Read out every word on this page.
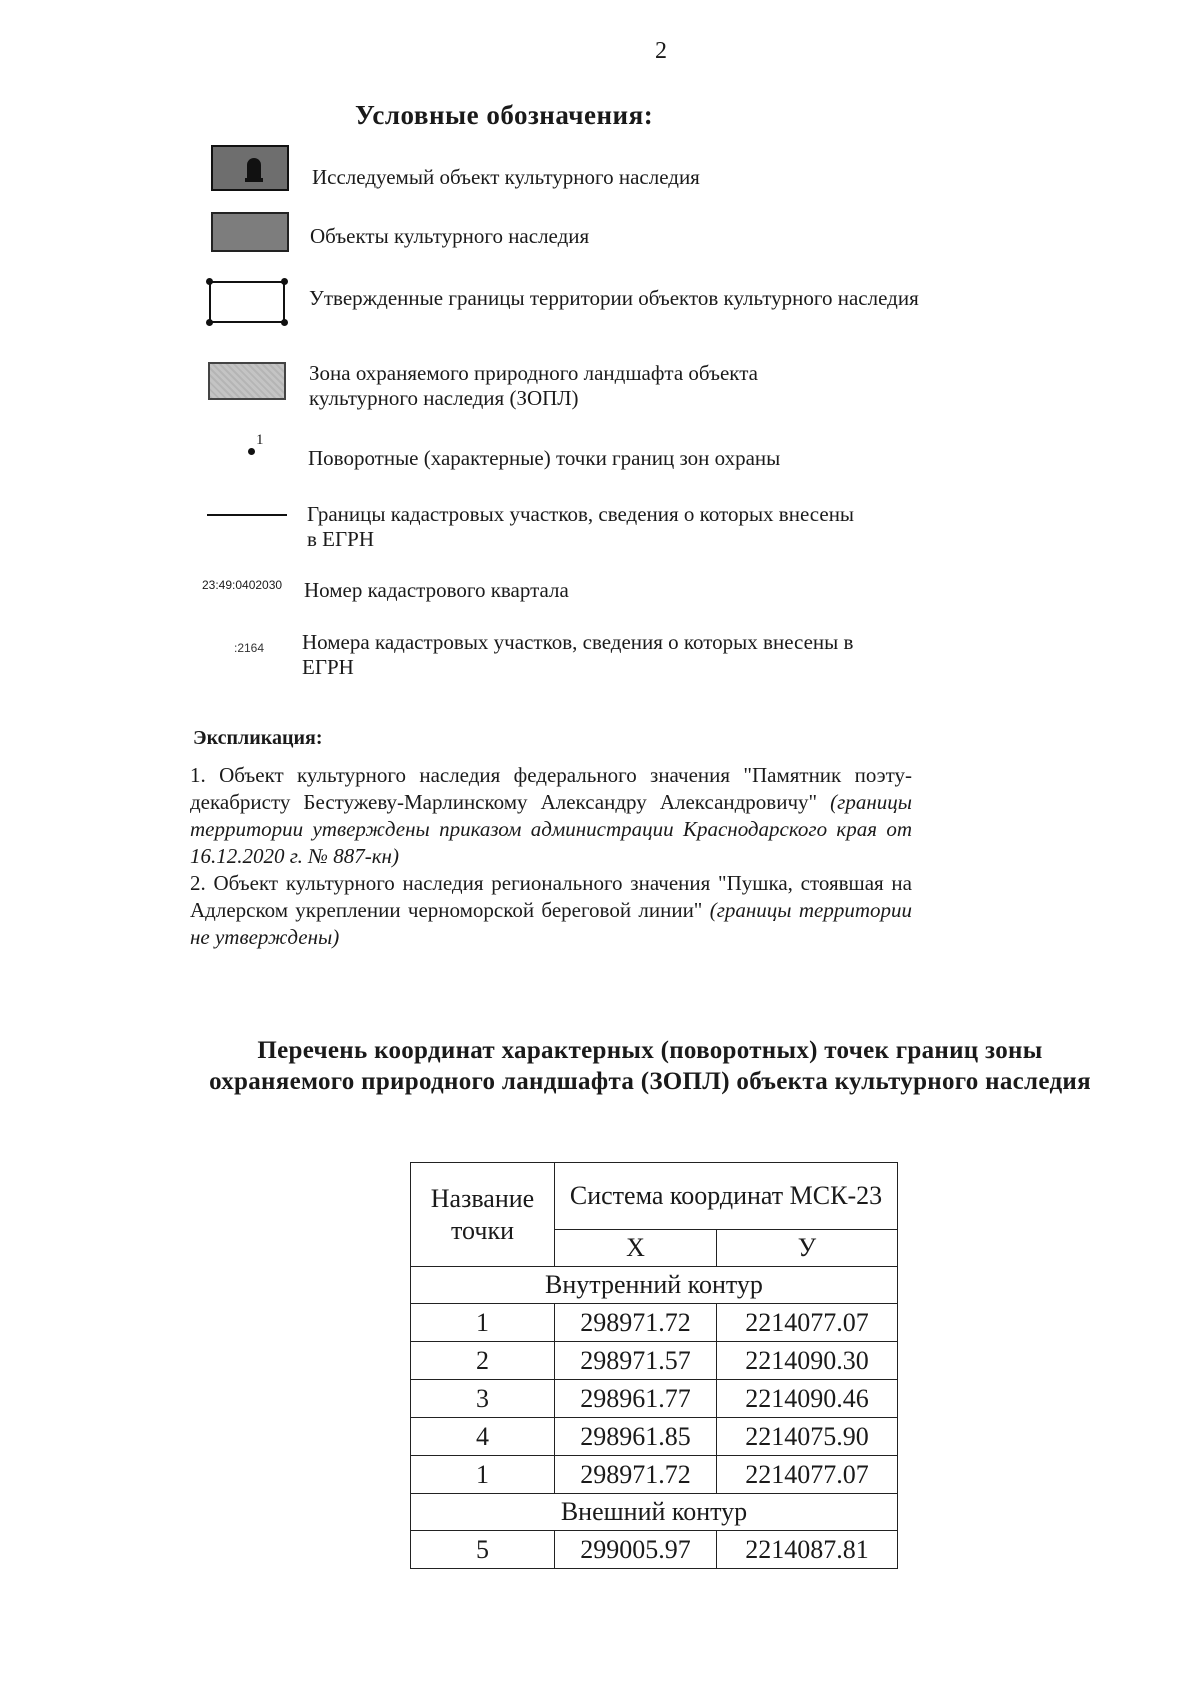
2
Условные обозначения:
1
23:49:0402030
:2164
Исследуемый объект культурного наследия
Объекты культурного наследия
Утвержденные границы территории объектов культурного наследия
Зона охраняемого природного ландшафта объекта культурного наследия (ЗОПЛ)
Поворотные (характерные) точки границ зон охраны
Границы кадастровых участков, сведения о которых внесены в ЕГРН
Номер кадастрового квартала
Номера кадастровых участков, сведения о которых внесены в ЕГРН
Экспликация:
1. Объект культурного наследия федерального значения "Памятник поэту-декабристу Бестужеву-Марлинскому Александру Александровичу" (границы территории утверждены приказом администрации Краснодарского края от 16.12.2020 г. № 887-кн)
2. Объект культурного наследия регионального значения "Пушка, стоявшая на Адлерском укреплении черноморской береговой линии" (границы территории не утверждены)
Перечень координат характерных (поворотных) точек границ зоны охраняемого природного ландшафта (ЗОПЛ) объекта культурного наследия
Название точки	Система координат МСК-23	
	Х	У
Внутренний контур		
1	298971.72	2214077.07
2	298971.57	2214090.30
3	298961.77	2214090.46
4	298961.85	2214075.90
1	298971.72	2214077.07
Внешний контур		
5	299005.97	2214087.81
